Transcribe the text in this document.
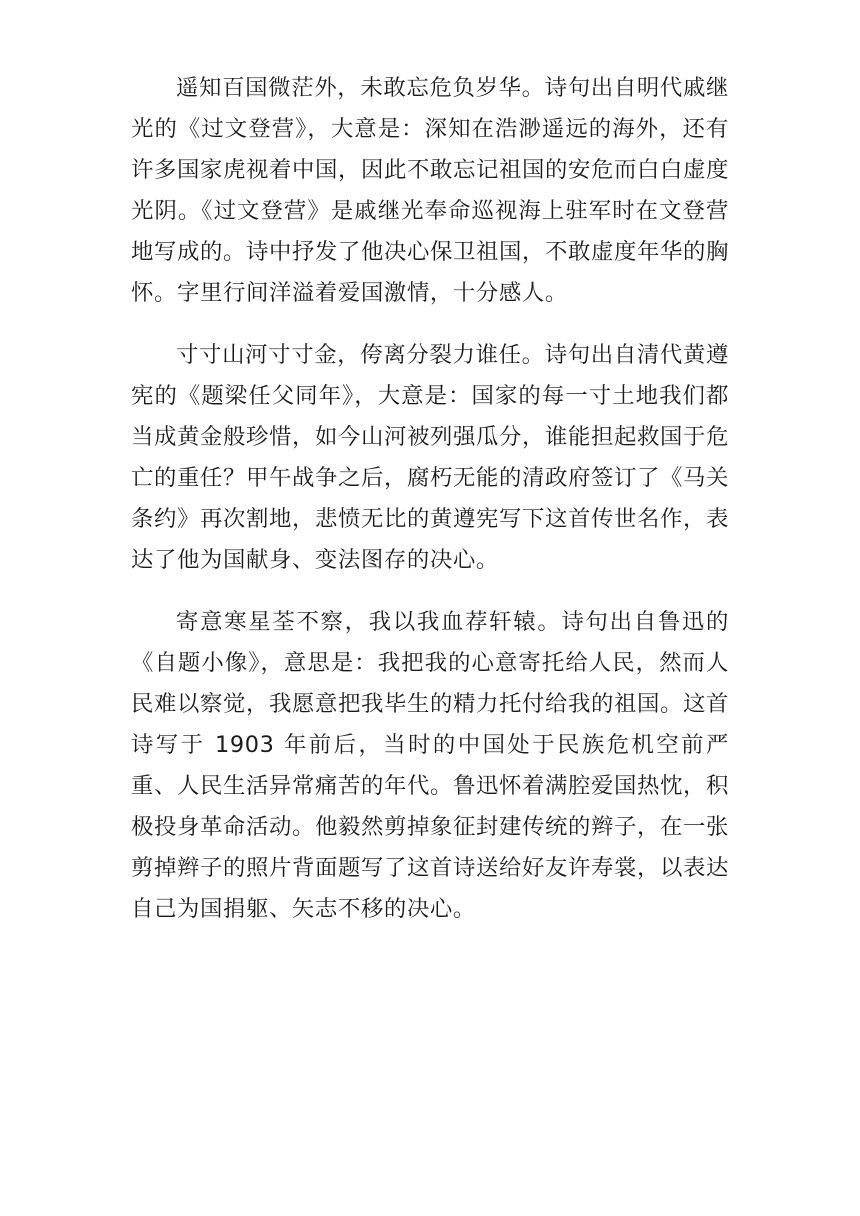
遥知百国微茫外，未敢忘危负岁华。诗句出自明代戚继光的《过文登营》，大意是：深知在浩渺遥远的海外，还有许多国家虎视着中国，因此不敢忘记祖国的安危而白白虚度光阴。《过文登营》是戚继光奉命巡视海上驻军时在文登营地写成的。诗中抒发了他决心保卫祖国，不敢虚度年华的胸怀。字里行间洋溢着爱国激情，十分感人。

寸寸山河寸寸金，侉离分裂力谁任。诗句出自清代黄遵宪的《题梁任父同年》，大意是：国家的每一寸土地我们都当成黄金般珍惜，如今山河被列强瓜分，谁能担起救国于危亡的重任？甲午战争之后，腐朽无能的清政府签订了《马关条约》再次割地，悲愤无比的黄遵宪写下这首传世名作，表达了他为国献身、变法图存的决心。

寄意寒星荃不察，我以我血荐轩辕。诗句出自鲁迅的《自题小像》，意思是：我把我的心意寄托给人民，然而人民难以察觉，我愿意把我毕生的精力托付给我的祖国。这首诗写于 1903 年前后，当时的中国处于民族危机空前严重、人民生活异常痛苦的年代。鲁迅怀着满腔爱国热忱，积极投身革命活动。他毅然剪掉象征封建传统的辫子，在一张剪掉辫子的照片背面题写了这首诗送给好友许寿裳，以表达自己为国捐躯、矢志不移的决心。
